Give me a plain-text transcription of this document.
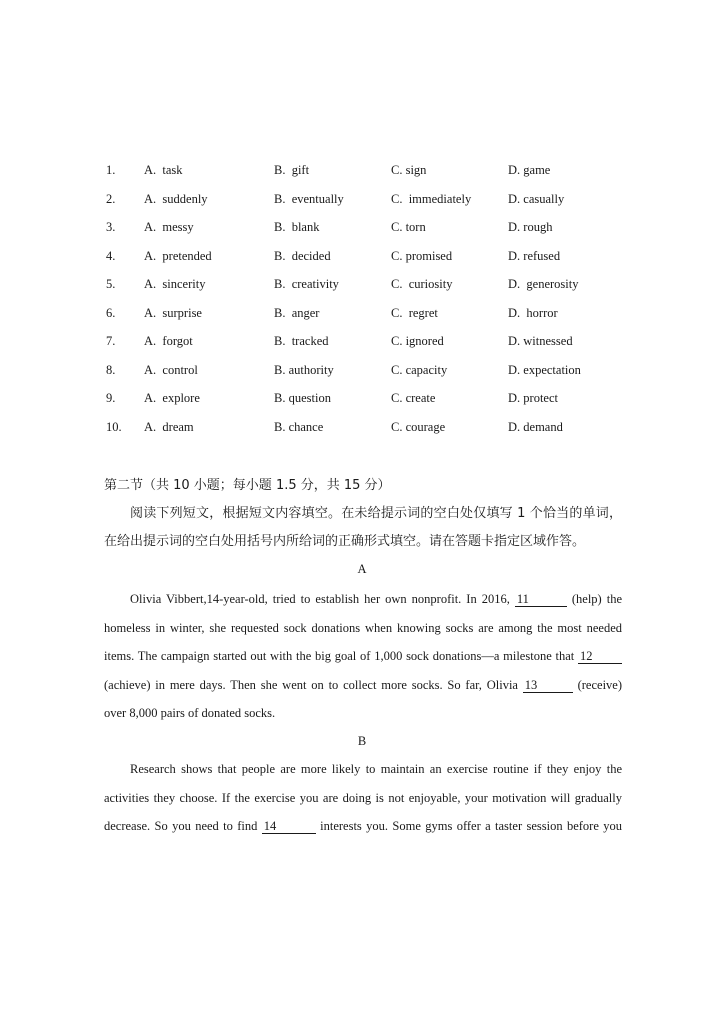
1. A.  task	B.  gift	C. sign	D. game
2. A.  suddenly	B.  eventually	C.  immediately	D. casually
3. A.  messy	B.  blank	C. torn	D. rough
4. A.  pretended	B.  decided	C. promised	D. refused
5. A.  sincerity	B.  creativity	C.  curiosity	D.  generosity
6. A.  surprise	B.  anger	C.  regret	D.  horror
7. A.  forgot	B.  tracked	C. ignored	D. witnessed
8. A.  control	B. authority	C. capacity	D. expectation
9. A.  explore	B. question	C. create	D. protect
10. A.  dream	B. chance	C. courage	D. demand
第二节（共 10 小题；每小题 1.5 分，共 15 分）
阅读下列短文，根据短文内容填空。在未给提示词的空白处仅填写 1 个恰当的单词，在给出提示词的空白处用括号内所给词的正确形式填空。请在答题卡指定区域作答。
A
Olivia Vibbert,14-year-old, tried to establish her own nonprofit. In 2016, 11	(help) the
homeless in winter, she requested sock donations when knowing socks are among the most needed
items. The campaign started out with the big goal of 1,000 sock donations—a milestone that 12
(achieve) in mere days. Then she went on to collect more socks. So far, Olivia 13	(receive)
over 8,000 pairs of donated socks.
B
Research shows that people are more likely to maintain an exercise routine if they enjoy the
activities they choose. If the exercise you are doing is not enjoyable, your motivation will gradually
decrease. So you need to find 14	interests you. Some gyms offer a taster session before you
